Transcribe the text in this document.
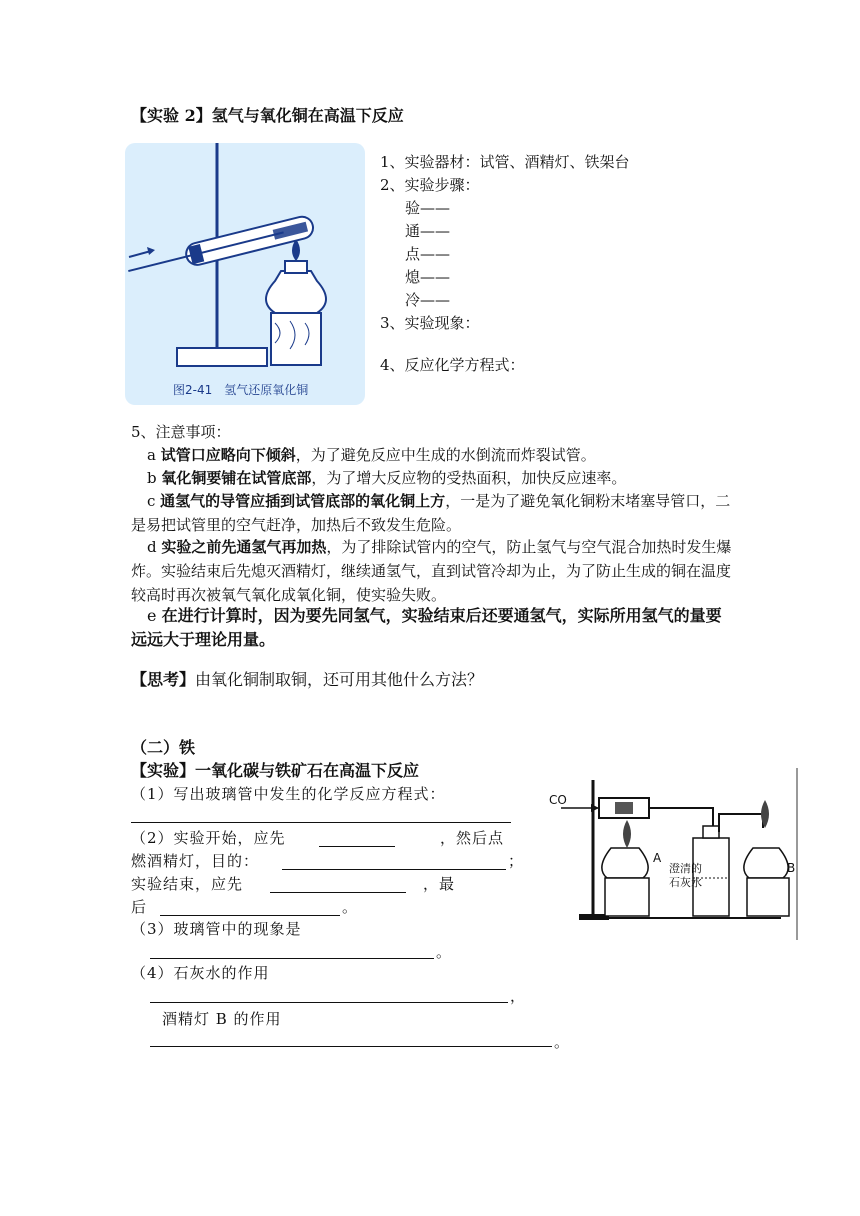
【实验 2】氢气与氧化铜在高温下反应
图2-41　氢气还原氧化铜
1、实验器材：试管、酒精灯、铁架台
2、实验步骤：
验——
通——
点——
熄——
冷——
3、实验现象：
4、反应化学方程式：
5、注意事项：
a 试管口应略向下倾斜，为了避免反应中生成的水倒流而炸裂试管。
b 氧化铜要铺在试管底部，为了增大反应物的受热面积，加快反应速率。
c 通氢气的导管应插到试管底部的氧化铜上方，一是为了避免氧化铜粉末堵塞导管口，二是易把试管里的空气赶净，加热后不致发生危险。
d 实验之前先通氢气再加热，为了排除试管内的空气，防止氢气与空气混合加热时发生爆炸。实验结束后先熄灭酒精灯，继续通氢气，直到试管冷却为止，为了防止生成的铜在温度较高时再次被氧气氧化成氧化铜，使实验失败。
e 在进行计算时，因为要先同氢气，实验结束后还要通氢气，实际所用氢气的量要远远大于理论用量。
【思考】由氧化铜制取铜，还可用其他什么方法？
（二）铁
【实验】一氧化碳与铁矿石在高温下反应
（1）写出玻璃管中发生的化学反应方程式：
（2）实验开始，应先	，然后点
燃酒精灯，目的：	；
实验结束，应先	，最
后	。
（3）玻璃管中的现象是
。
（4）石灰水的作用
，
酒精灯 B 的作用
。
CO
A
B
澄清的
石灰水
